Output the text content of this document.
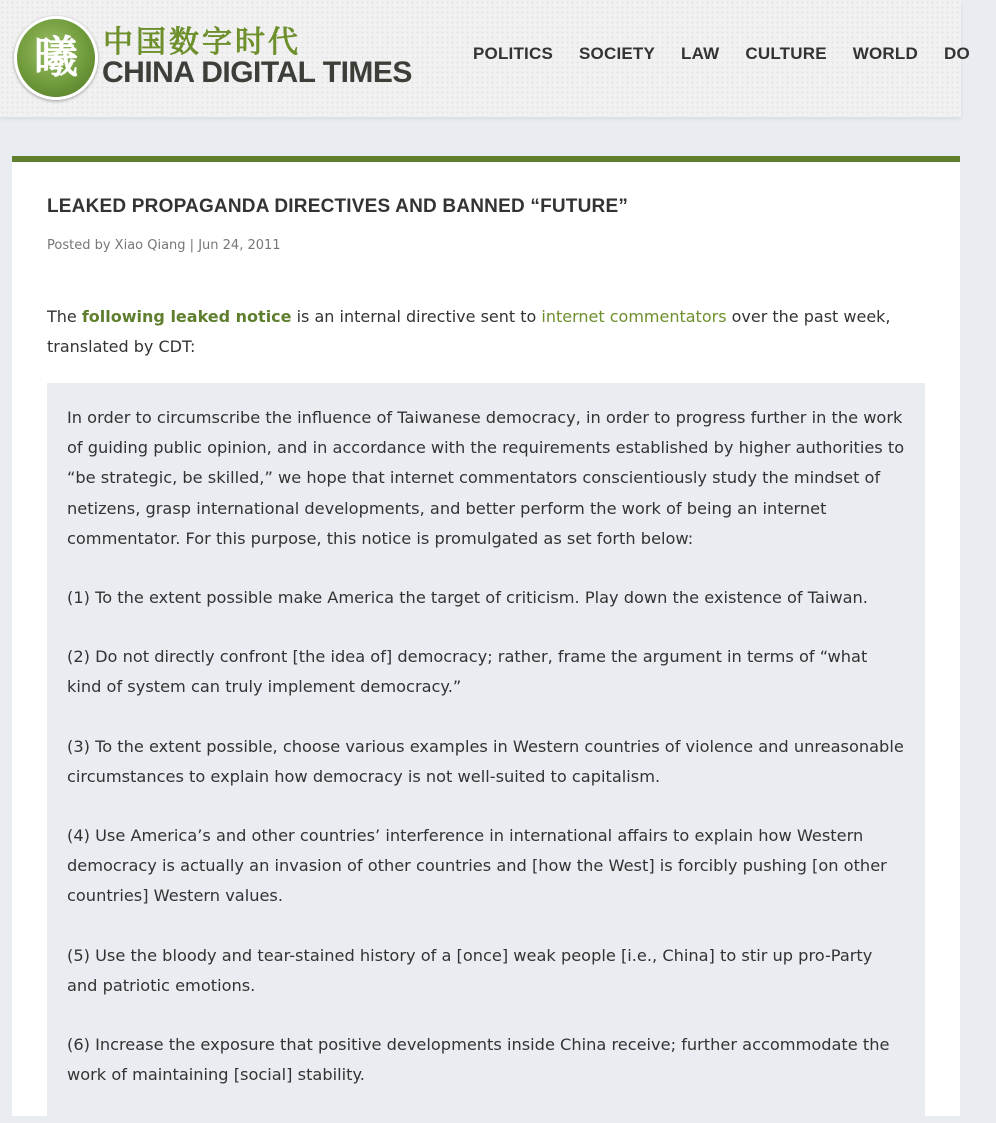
曦 中国数字时代
CHINA DIGITAL TIMES
POLITICS SOCIETY LAW CULTURE WORLD DO
LEAKED PROPAGANDA DIRECTIVES AND BANNED “FUTURE”
Posted by Xiao Qiang | Jun 24, 2011

The following leaked notice is an internal directive sent to internet commentators over the past week, translated by CDT:

In order to circumscribe the influence of Taiwanese democracy, in order to progress further in the work of guiding public opinion, and in accordance with the requirements established by higher authorities to “be strategic, be skilled,” we hope that internet commentators conscientiously study the mindset of netizens, grasp international developments, and better perform the work of being an internet commentator. For this purpose, this notice is promulgated as set forth below:

(1) To the extent possible make America the target of criticism. Play down the existence of Taiwan.

(2) Do not directly confront [the idea of] democracy; rather, frame the argument in terms of “what kind of system can truly implement democracy.”

(3) To the extent possible, choose various examples in Western countries of violence and unreasonable circumstances to explain how democracy is not well-suited to capitalism.

(4) Use America’s and other countries’ interference in international affairs to explain how Western democracy is actually an invasion of other countries and [how the West] is forcibly pushing [on other countries] Western values.

(5) Use the bloody and tear-stained history of a [once] weak people [i.e., China] to stir up pro-Party and patriotic emotions.

(6) Increase the exposure that positive developments inside China receive; further accommodate the work of maintaining [social] stability.
